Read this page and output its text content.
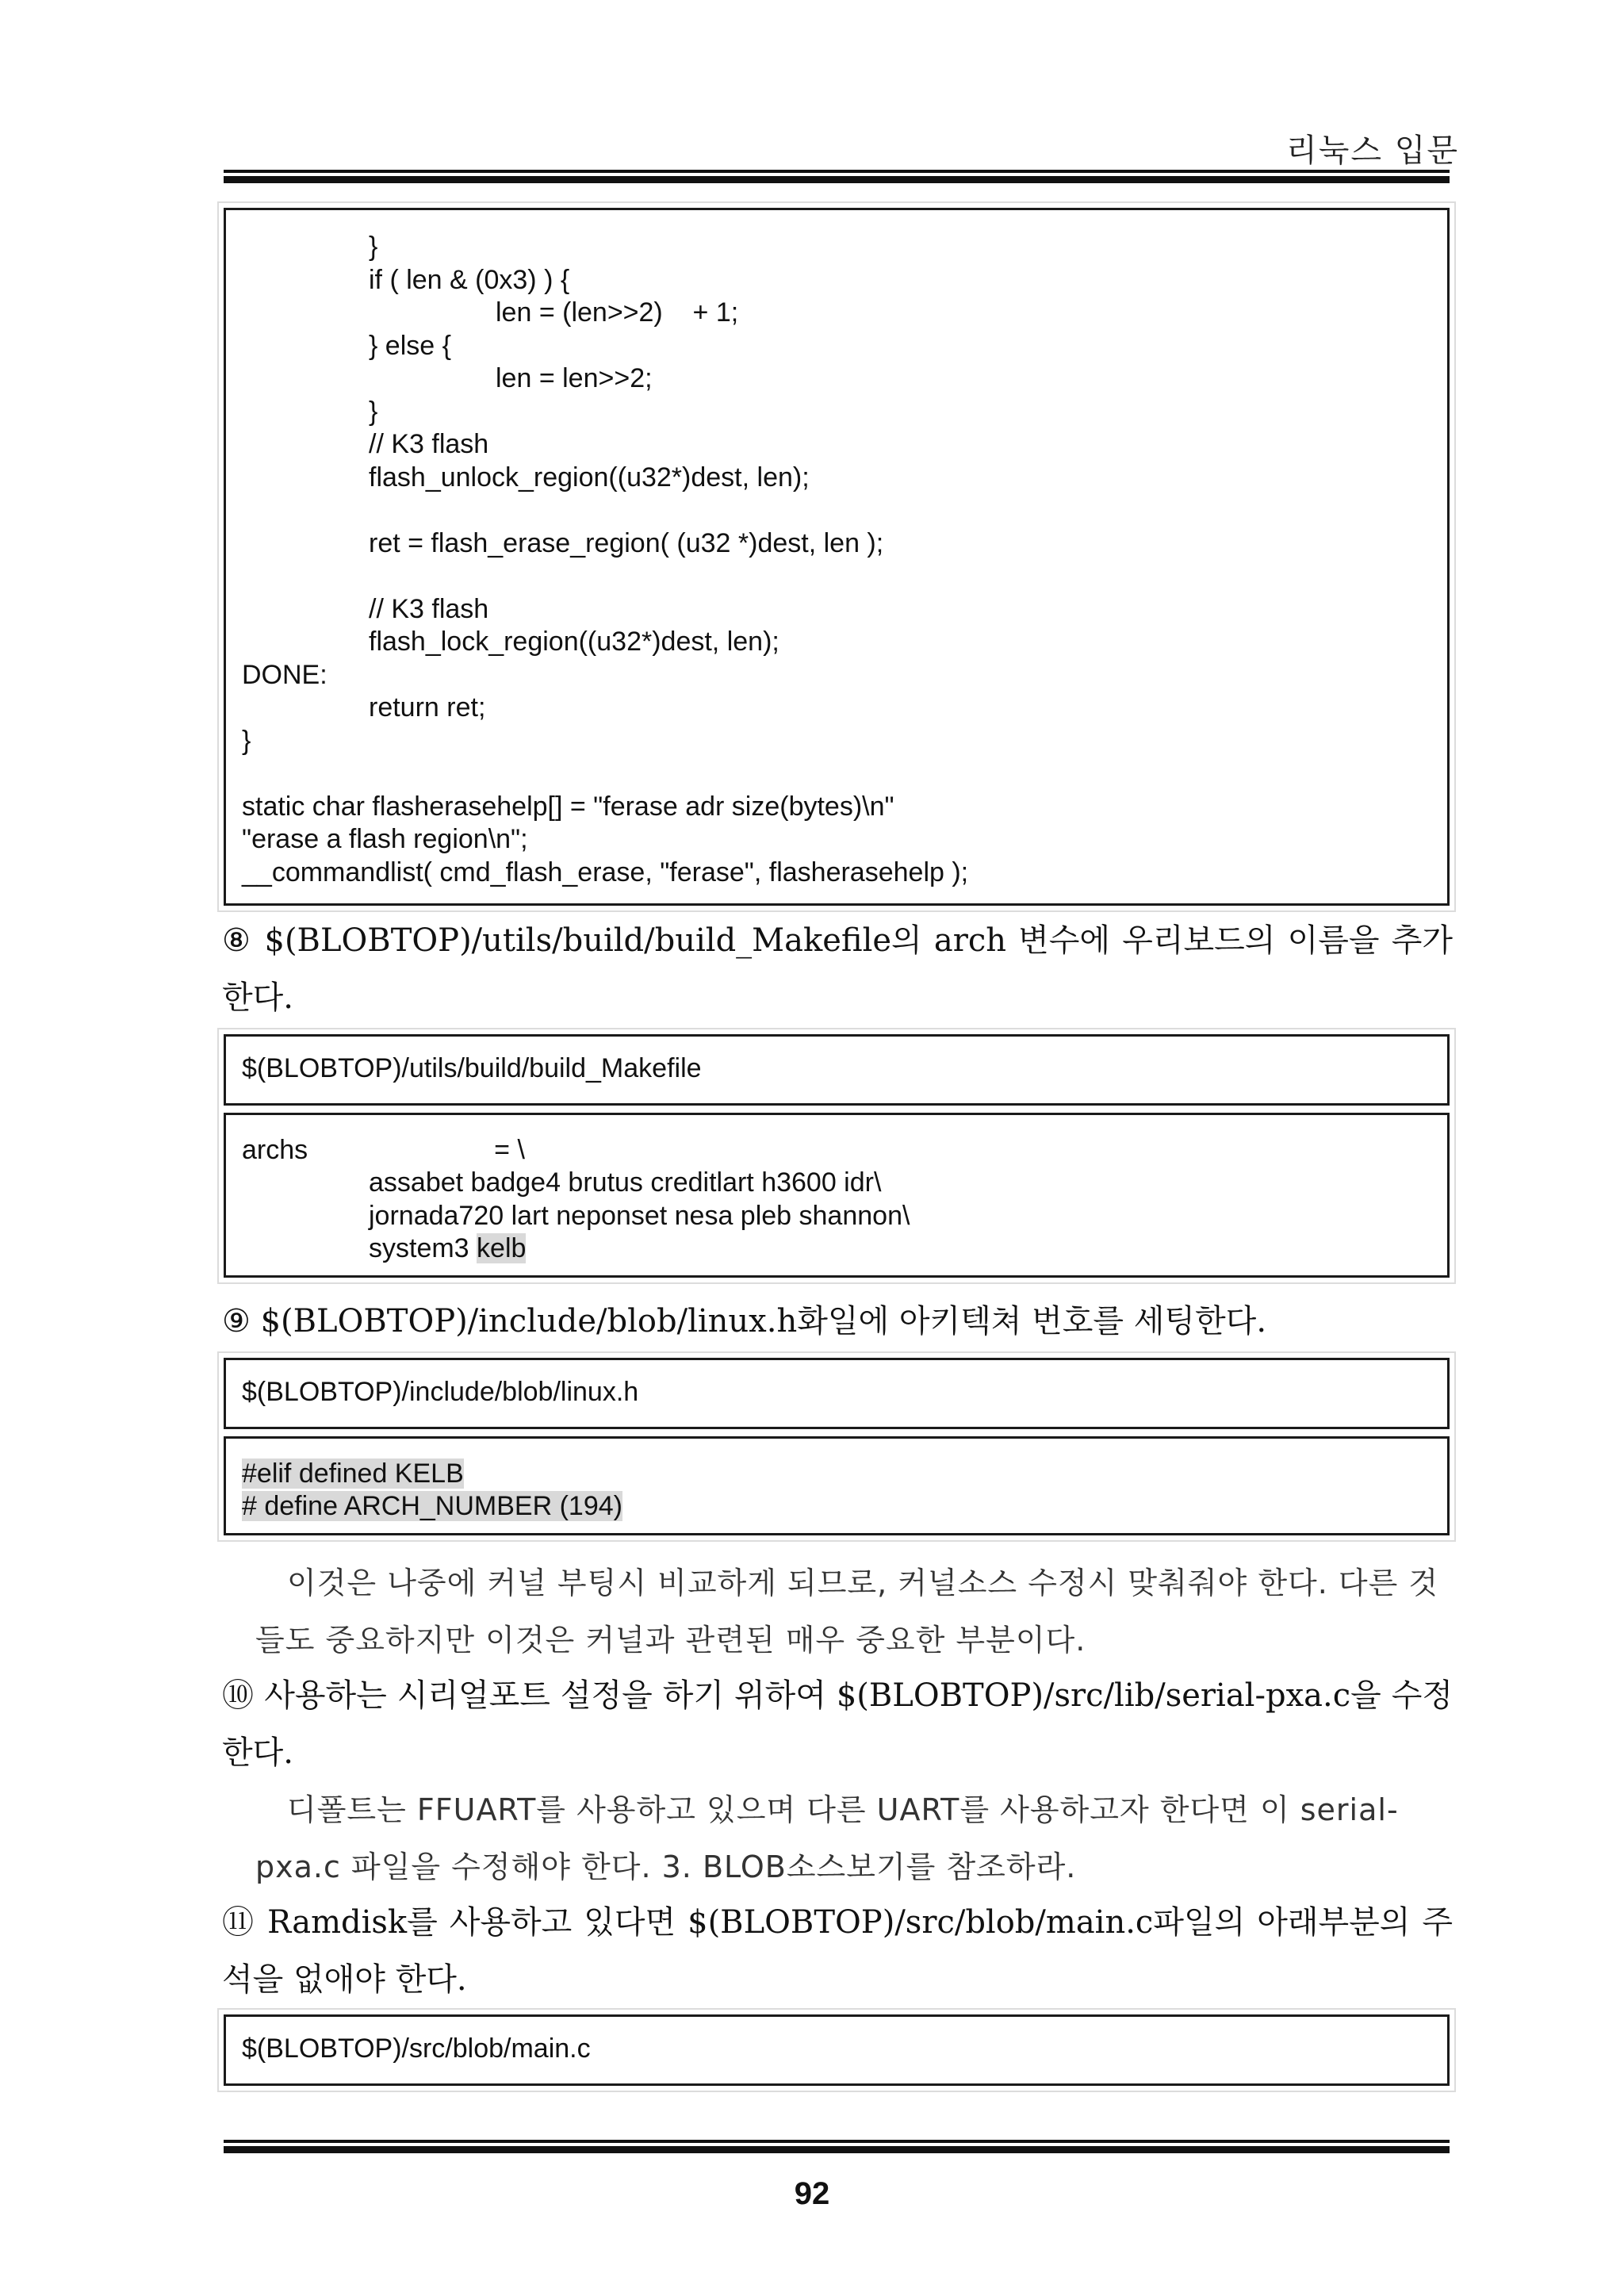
리눅스 입문
}
if ( len & (0x3) ) {
len = (len>>2)    + 1;
} else {
len = len>>2;
}
// K3 flash
flash_unlock_region((u32*)dest, len);
ret = flash_erase_region( (u32 *)dest, len );
// K3 flash
flash_lock_region((u32*)dest, len);
DONE:
return ret;
}
static char flasherasehelp[] = "ferase adr size(bytes)\n"
"erase a flash region\n";
__commandlist( cmd_flash_erase, "ferase", flasherasehelp );
⑧ $(BLOBTOP)/utils/build/build_Makefile의 arch 변수에 우리보드의 이름을 추가 한다.
$(BLOBTOP)/utils/build/build_Makefile
archs	= \
assabet badge4 brutus creditlart h3600 idr\
jornada720 lart neponset nesa pleb shannon\
system3 kelb
⑨ $(BLOBTOP)/include/blob/linux.h화일에 아키텍쳐 번호를 세팅한다.
$(BLOBTOP)/include/blob/linux.h
#elif defined KELB
# define ARCH_NUMBER (194)
이것은 나중에 커널 부팅시 비교하게 되므로, 커널소스 수정시 맞춰줘야 한다. 다른 것들도 중요하지만 이것은 커널과 관련된 매우 중요한 부분이다.
⑩ 사용하는 시리얼포트 설정을 하기 위하여 $(BLOBTOP)/src/lib/serial-pxa.c을 수정한다.
디폴트는 FFUART를 사용하고 있으며 다른 UART를 사용하고자 한다면 이 serial-pxa.c 파일을 수정해야 한다. 3. BLOB소스보기를 참조하라.
⑪ Ramdisk를 사용하고 있다면 $(BLOBTOP)/src/blob/main.c파일의 아래부분의 주석을 없애야 한다.
$(BLOBTOP)/src/blob/main.c
92
